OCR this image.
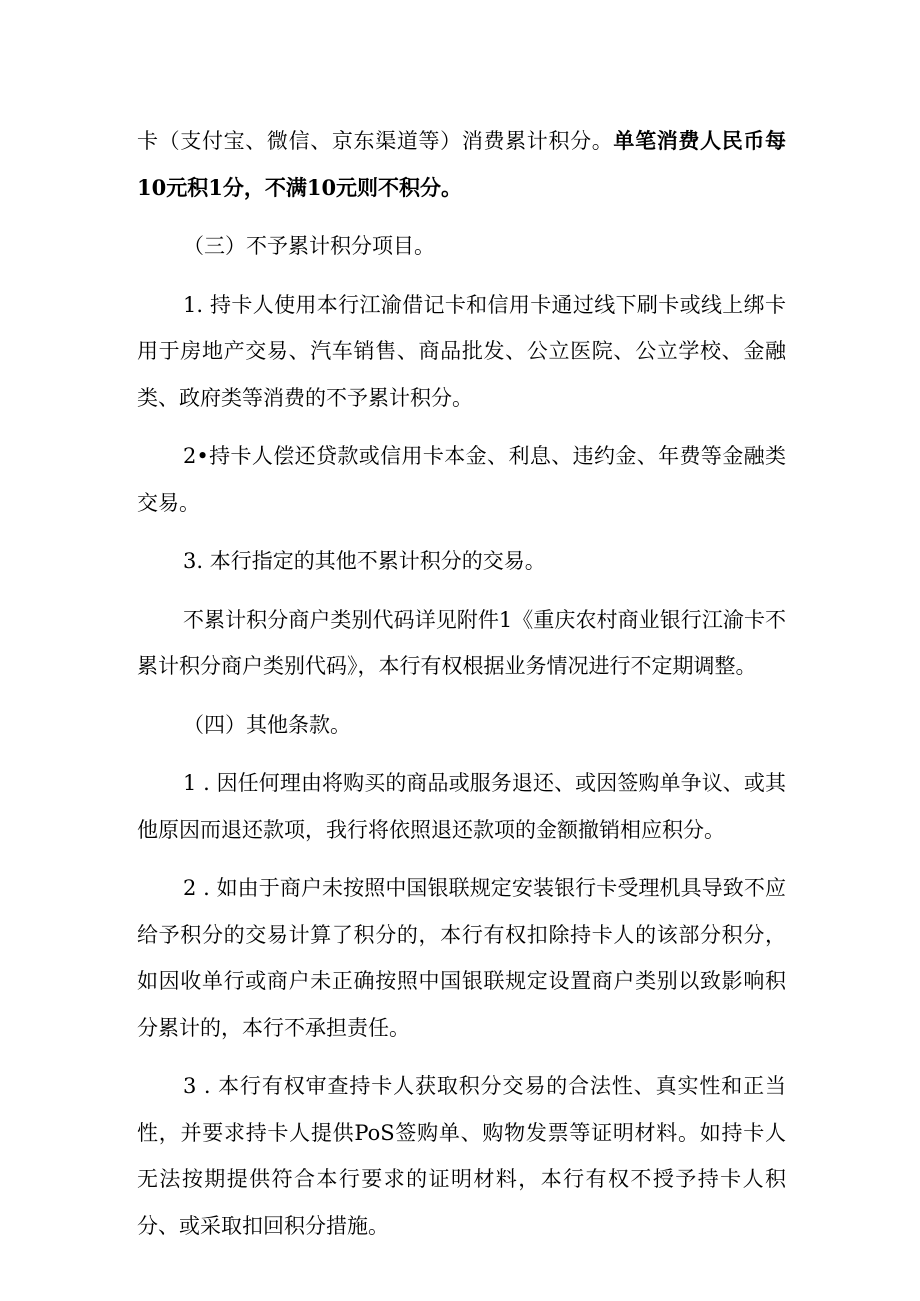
卡（支付宝、微信、京东渠道等）消费累计积分。单笔消费人民币每10元积1分，不满10元则不积分。

（三）不予累计积分项目。

1. 持卡人使用本行江渝借记卡和信用卡通过线下刷卡或线上绑卡用于房地产交易、汽车销售、商品批发、公立医院、公立学校、金融类、政府类等消费的不予累计积分。

2•持卡人偿还贷款或信用卡本金、利息、违约金、年费等金融类交易。

3. 本行指定的其他不累计积分的交易。

不累计积分商户类别代码详见附件1《重庆农村商业银行江渝卡不累计积分商户类别代码》，本行有权根据业务情况进行不定期调整。

（四）其他条款。

1 . 因任何理由将购买的商品或服务退还、或因签购单争议、或其他原因而退还款项，我行将依照退还款项的金额撤销相应积分。

2 . 如由于商户未按照中国银联规定安装银行卡受理机具导致不应给予积分的交易计算了积分的，本行有权扣除持卡人的该部分积分，如因收单行或商户未正确按照中国银联规定设置商户类别以致影响积分累计的，本行不承担责任。

3 . 本行有权审查持卡人获取积分交易的合法性、真实性和正当性，并要求持卡人提供PoS签购单、购物发票等证明材料。如持卡人无法按期提供符合本行要求的证明材料，本行有权不授予持卡人积分、或采取扣回积分措施。
